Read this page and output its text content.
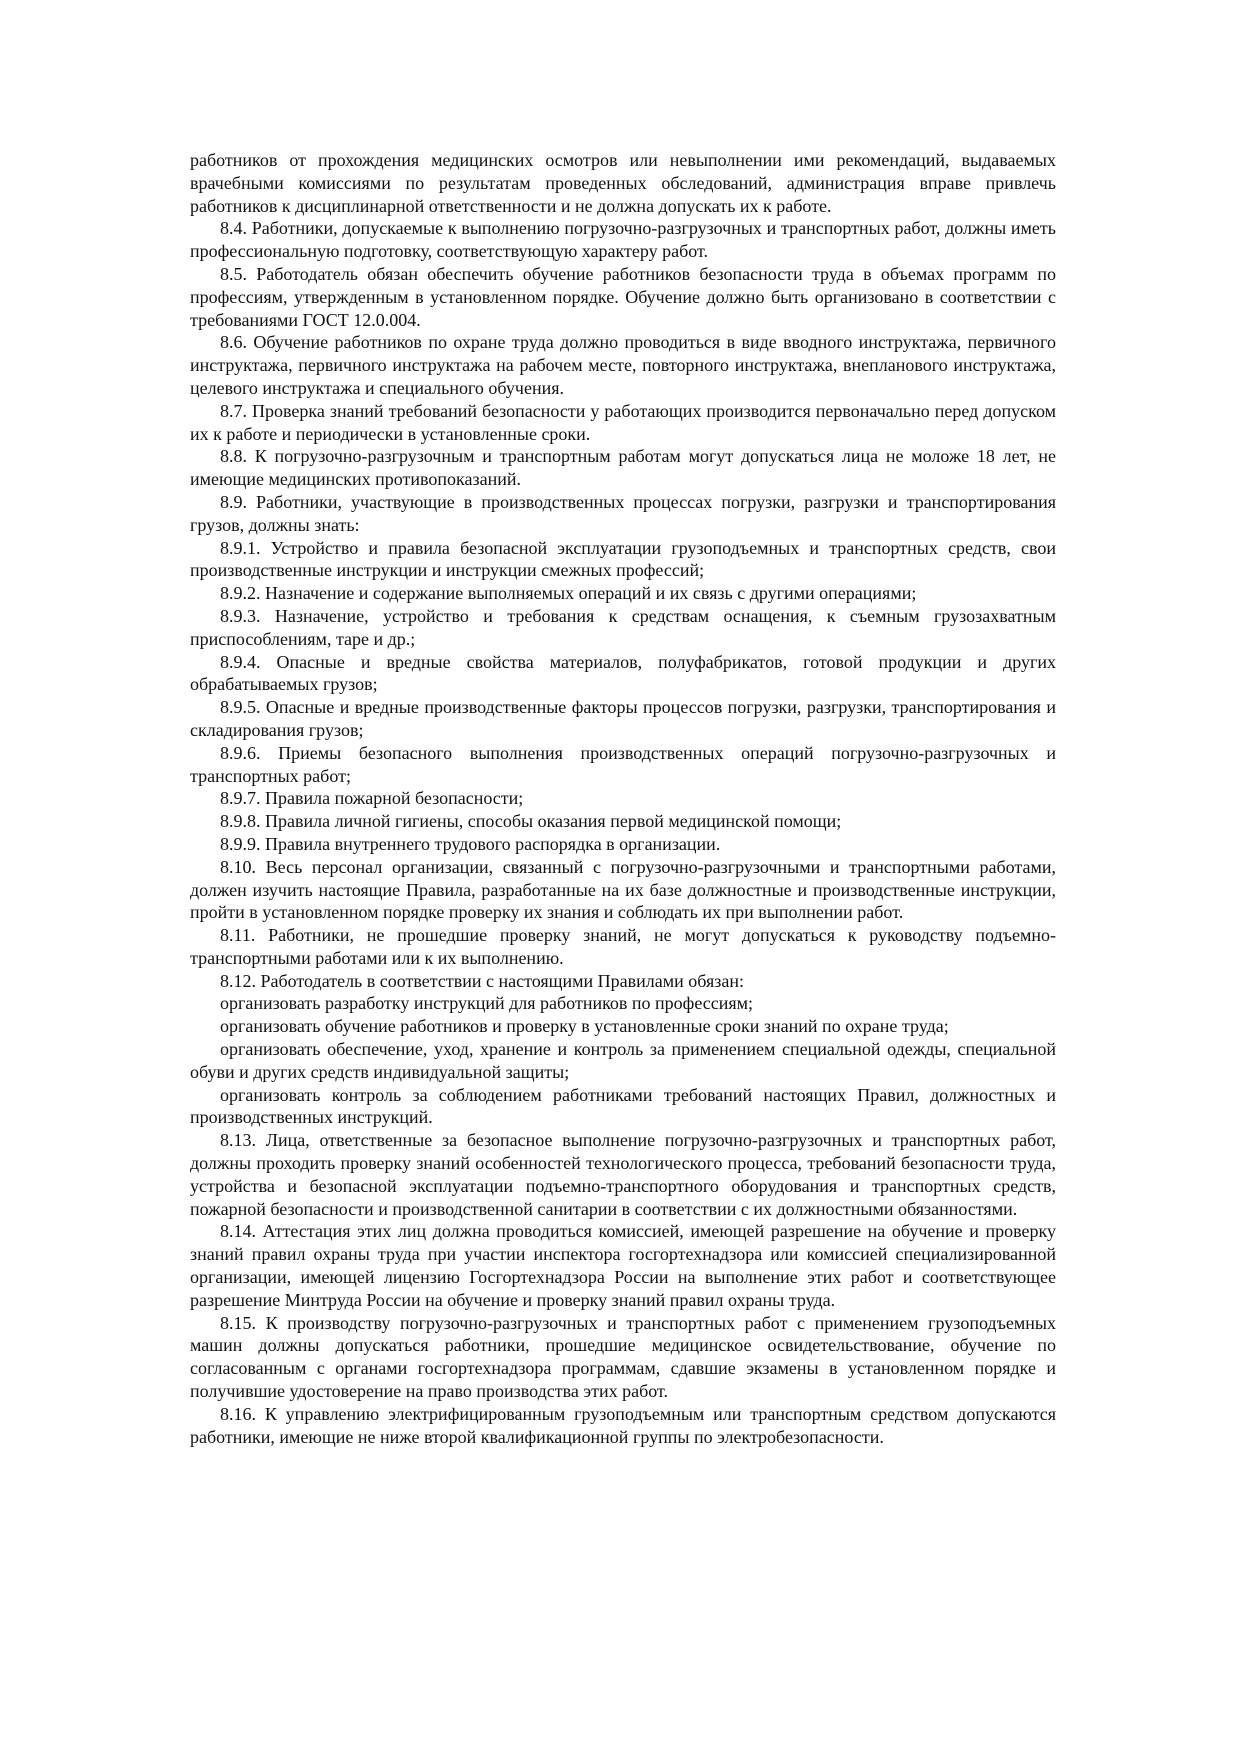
работников от прохождения медицинских осмотров или невыполнении ими рекомендаций, выдаваемых врачебными комиссиями по результатам проведенных обследований, администрация вправе привлечь работников к дисциплинарной ответственности и не должна допускать их к работе.

8.4. Работники, допускаемые к выполнению погрузочно-разгрузочных и транспортных работ, должны иметь профессиональную подготовку, соответствующую характеру работ.

8.5. Работодатель обязан обеспечить обучение работников безопасности труда в объемах программ по профессиям, утвержденным в установленном порядке. Обучение должно быть организовано в соответствии с требованиями ГОСТ 12.0.004.

8.6. Обучение работников по охране труда должно проводиться в виде вводного инструктажа, первичного инструктажа, первичного инструктажа на рабочем месте, повторного инструктажа, внепланового инструктажа, целевого инструктажа и специального обучения.

8.7. Проверка знаний требований безопасности у работающих производится первоначально перед допуском их к работе и периодически в установленные сроки.

8.8. К погрузочно-разгрузочным и транспортным работам могут допускаться лица не моложе 18 лет, не имеющие медицинских противопоказаний.

8.9. Работники, участвующие в производственных процессах погрузки, разгрузки и транспортирования грузов, должны знать:

8.9.1. Устройство и правила безопасной эксплуатации грузоподъемных и транспортных средств, свои производственные инструкции и инструкции смежных профессий;

8.9.2. Назначение и содержание выполняемых операций и их связь с другими операциями;

8.9.3. Назначение, устройство и требования к средствам оснащения, к съемным грузозахватным приспособлениям, таре и др.;

8.9.4. Опасные и вредные свойства материалов, полуфабрикатов, готовой продукции и других обрабатываемых грузов;

8.9.5. Опасные и вредные производственные факторы процессов погрузки, разгрузки, транспортирования и складирования грузов;

8.9.6. Приемы безопасного выполнения производственных операций погрузочно-разгрузочных и транспортных работ;

8.9.7. Правила пожарной безопасности;

8.9.8. Правила личной гигиены, способы оказания первой медицинской помощи;

8.9.9. Правила внутреннего трудового распорядка в организации.

8.10. Весь персонал организации, связанный с погрузочно-разгрузочными и транспортными работами, должен изучить настоящие Правила, разработанные на их базе должностные и производственные инструкции, пройти в установленном порядке проверку их знания и соблюдать их при выполнении работ.

8.11. Работники, не прошедшие проверку знаний, не могут допускаться к руководству подъемно-транспортными работами или к их выполнению.

8.12. Работодатель в соответствии с настоящими Правилами обязан:

организовать разработку инструкций для работников по профессиям;

организовать обучение работников и проверку в установленные сроки знаний по охране труда;

организовать обеспечение, уход, хранение и контроль за применением специальной одежды, специальной обуви и других средств индивидуальной защиты;

организовать контроль за соблюдением работниками требований настоящих Правил, должностных и производственных инструкций.

8.13. Лица, ответственные за безопасное выполнение погрузочно-разгрузочных и транспортных работ, должны проходить проверку знаний особенностей технологического процесса, требований безопасности труда, устройства и безопасной эксплуатации подъемно-транспортного оборудования и транспортных средств, пожарной безопасности и производственной санитарии в соответствии с их должностными обязанностями.

8.14. Аттестация этих лиц должна проводиться комиссией, имеющей разрешение на обучение и проверку знаний правил охраны труда при участии инспектора госгортехнадзора или комиссией специализированной организации, имеющей лицензию Госгортехнадзора России на выполнение этих работ и соответствующее разрешение Минтруда России на обучение и проверку знаний правил охраны труда.

8.15. К производству погрузочно-разгрузочных и транспортных работ с применением грузоподъемных машин должны допускаться работники, прошедшие медицинское освидетельствование, обучение по согласованным с органами госгортехнадзора программам, сдавшие экзамены в установленном порядке и получившие удостоверение на право производства этих работ.

8.16. К управлению электрифицированным грузоподъемным или транспортным средством допускаются работники, имеющие не ниже второй квалификационной группы по электробезопасности.
